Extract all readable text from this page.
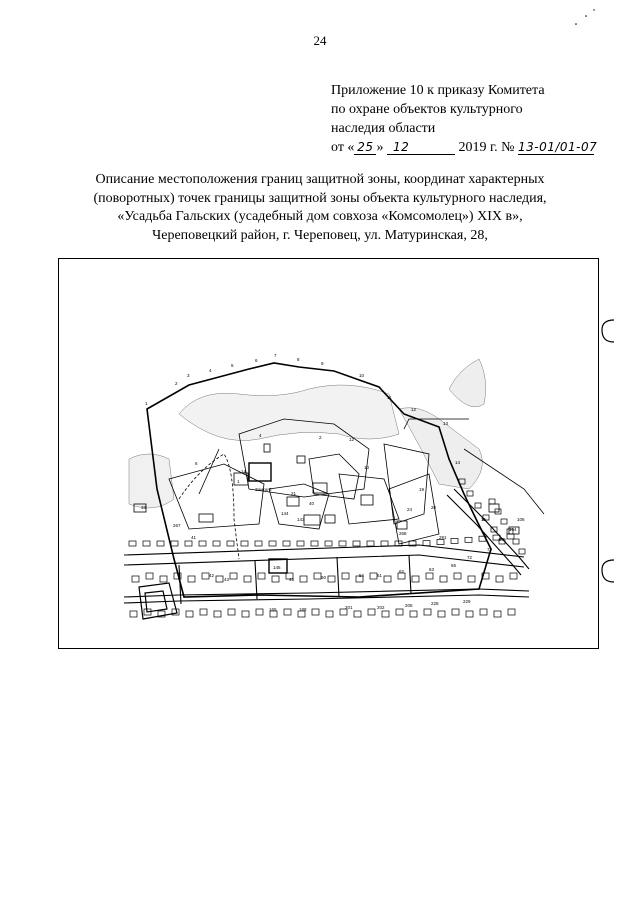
24
Приложение 10 к приказу Комитета
по охране объектов культурного
наследия области
от « 25 » 12	2019 г. № 13-01/01-07
Описание местоположения границ защитной зоны, координат характерных
(поворотных) точек границы защитной зоны объекта культурного наследия,
«Усадьба Гальских (усадебный дом совхоза «Комсомолец») XIX в»,
Череповецкий район, г. Череповец, ул. Матуринская, 28,
1
2
3
4
5
6
7
8
9
10
11
12
13
14
15
1
14
21
144
40
143
145
24
4
6
2	12
13
19
20
33
41
42
43	45	50	54	61
62	63
65
72
73
80
104
106
165	188	201	202	205	228	229
267
268
291
Замок 8
